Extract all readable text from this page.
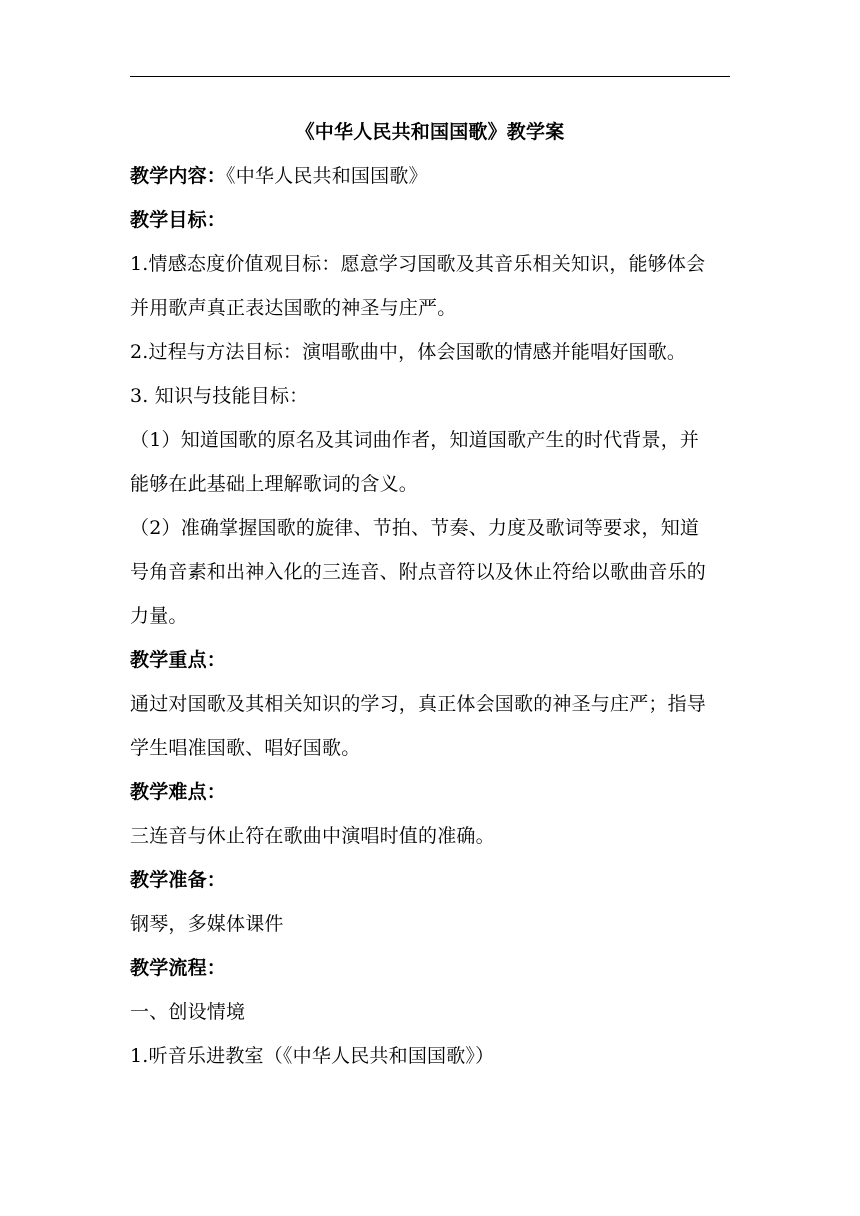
《中华人民共和国国歌》教学案
教学内容：《中华人民共和国国歌》
教学目标：
1.情感态度价值观目标：愿意学习国歌及其音乐相关知识，能够体会
并用歌声真正表达国歌的神圣与庄严。
2.过程与方法目标：演唱歌曲中，体会国歌的情感并能唱好国歌。
3. 知识与技能目标：
（1）知道国歌的原名及其词曲作者，知道国歌产生的时代背景，并
能够在此基础上理解歌词的含义。
（2）准确掌握国歌的旋律、节拍、节奏、力度及歌词等要求，知道
号角音素和出神入化的三连音、附点音符以及休止符给以歌曲音乐的
力量。
教学重点：
通过对国歌及其相关知识的学习，真正体会国歌的神圣与庄严；指导
学生唱准国歌、唱好国歌。
教学难点：
三连音与休止符在歌曲中演唱时值的准确。
教学准备：
钢琴，多媒体课件
教学流程：
一、创设情境
1.听音乐进教室（《中华人民共和国国歌》）
